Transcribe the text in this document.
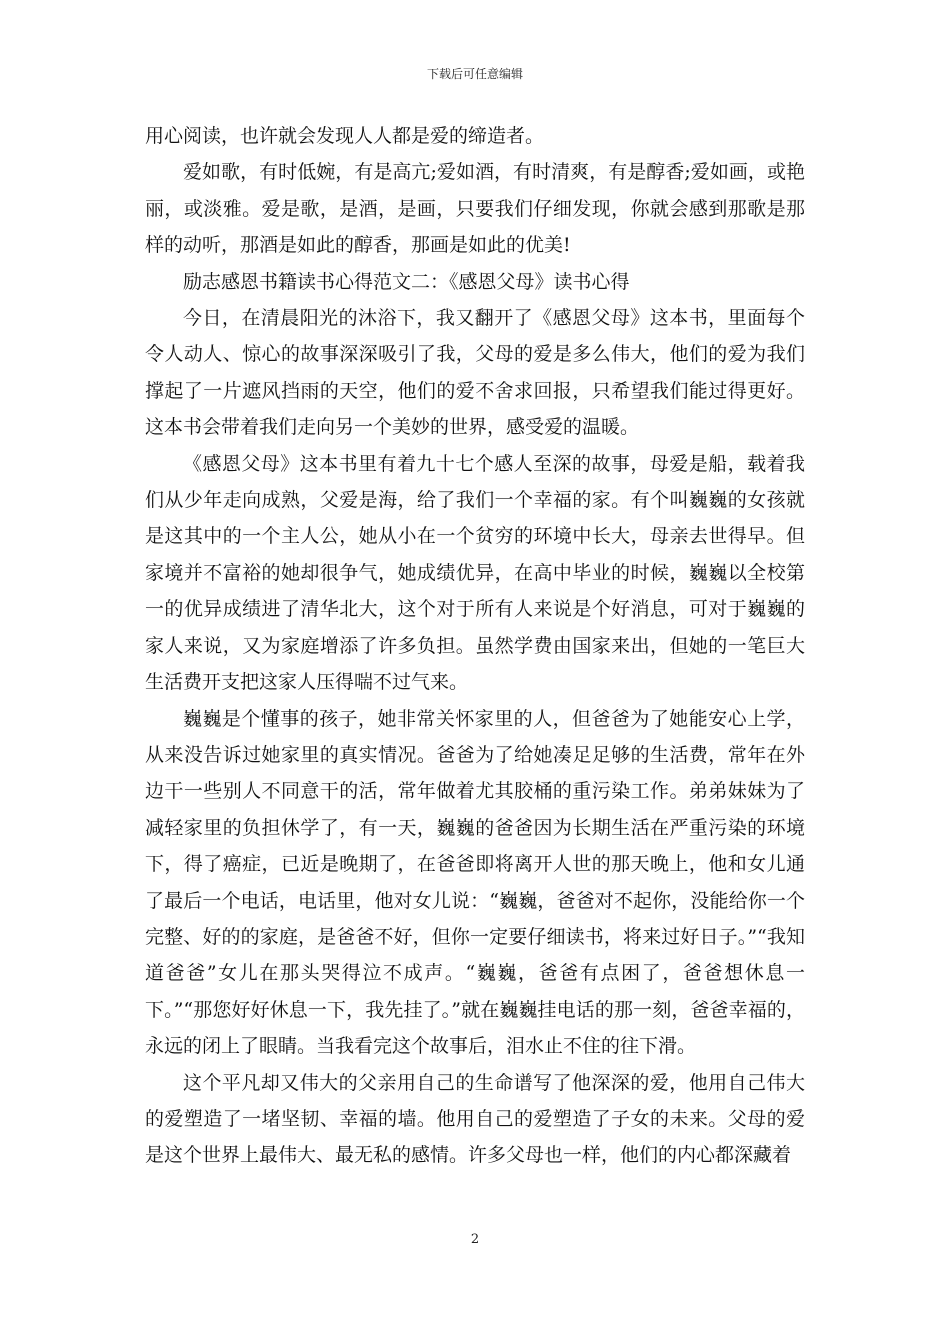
下载后可任意编辑

用心阅读，也许就会发现人人都是爱的缔造者。

爱如歌，有时低婉，有是高亢;爱如酒，有时清爽，有是醇香;爱如画，或艳丽，或淡雅。爱是歌，是酒，是画，只要我们仔细发现，你就会感到那歌是那样的动听，那酒是如此的醇香，那画是如此的优美!

励志感恩书籍读书心得范文二：《感恩父母》读书心得

今日，在清晨阳光的沐浴下，我又翻开了《感恩父母》这本书，里面每个令人动人、惊心的故事深深吸引了我，父母的爱是多么伟大，他们的爱为我们撑起了一片遮风挡雨的天空，他们的爱不舍求回报，只希望我们能过得更好。这本书会带着我们走向另一个美妙的世界，感受爱的温暖。

《感恩父母》这本书里有着九十七个感人至深的故事，母爱是船，载着我们从少年走向成熟，父爱是海，给了我们一个幸福的家。有个叫巍巍的女孩就是这其中的一个主人公，她从小在一个贫穷的环境中长大，母亲去世得早。但家境并不富裕的她却很争气，她成绩优异，在高中毕业的时候，巍巍以全校第一的优异成绩进了清华北大，这个对于所有人来说是个好消息，可对于巍巍的家人来说，又为家庭增添了许多负担。虽然学费由国家来出，但她的一笔巨大生活费开支把这家人压得喘不过气来。

巍巍是个懂事的孩子，她非常关怀家里的人，但爸爸为了她能安心上学，从来没告诉过她家里的真实情况。爸爸为了给她凑足足够的生活费，常年在外边干一些别人不同意干的活，常年做着尤其胶桶的重污染工作。弟弟妹妹为了减轻家里的负担休学了，有一天，巍巍的爸爸因为长期生活在严重污染的环境下，得了癌症，已近是晚期了，在爸爸即将离开人世的那天晚上，他和女儿通了最后一个电话，电话里，他对女儿说：“巍巍，爸爸对不起你，没能给你一个完整、好的的家庭，是爸爸不好，但你一定要仔细读书，将来过好日子。”“我知道爸爸”女儿在那头哭得泣不成声。“巍巍，爸爸有点困了，爸爸想休息一下。”“那您好好休息一下，我先挂了。”就在巍巍挂电话的那一刻，爸爸幸福的，永远的闭上了眼睛。当我看完这个故事后，泪水止不住的往下滑。

这个平凡却又伟大的父亲用自己的生命谱写了他深深的爱，他用自己伟大的爱塑造了一堵坚韧、幸福的墙。他用自己的爱塑造了子女的未来。父母的爱是这个世界上最伟大、最无私的感情。许多父母也一样，他们的内心都深藏着

2
